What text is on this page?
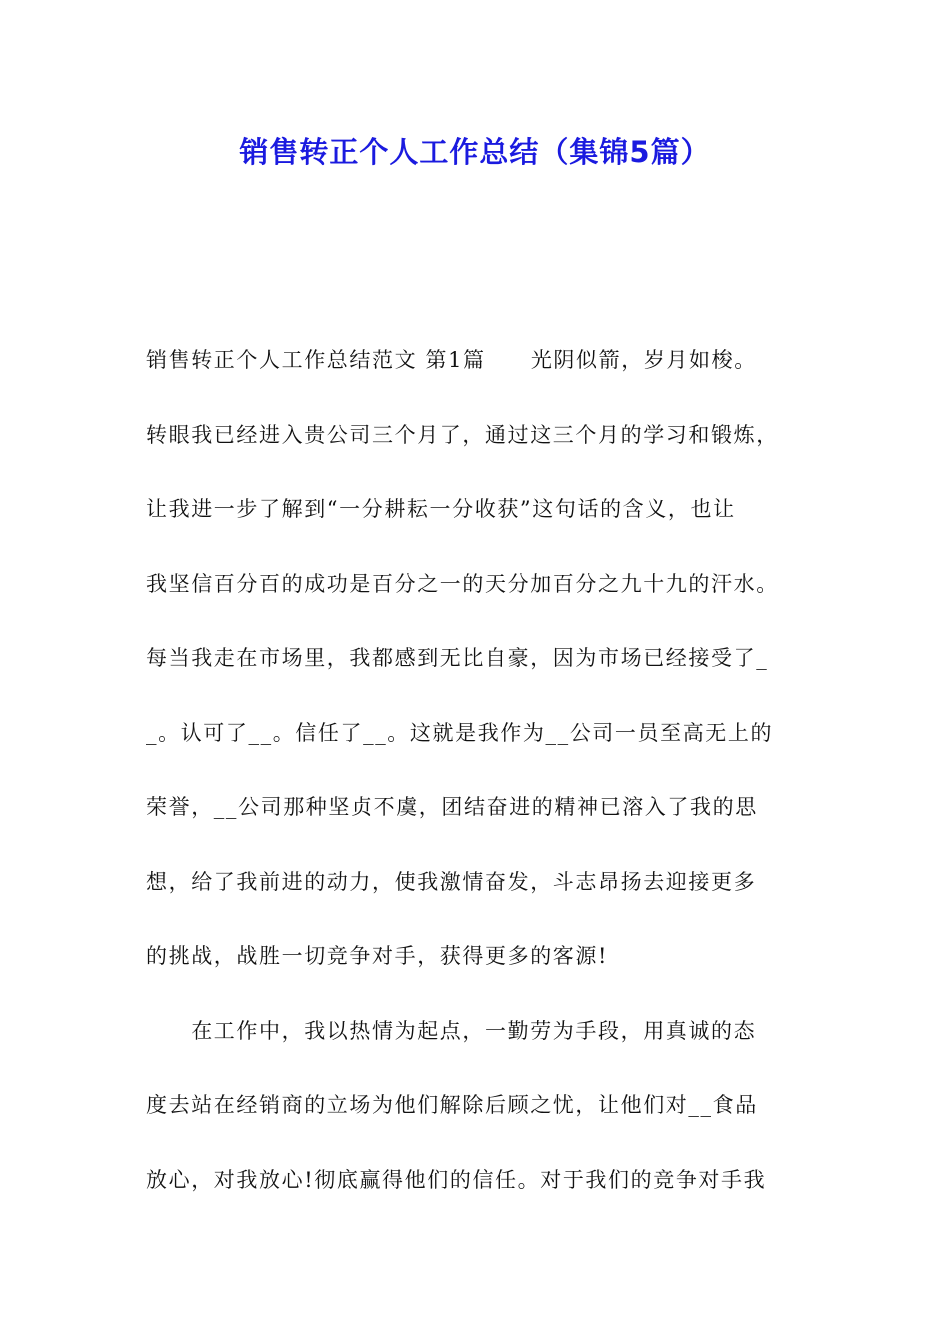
销售转正个人工作总结（集锦5篇）

销售转正个人工作总结范文 第1篇　　光阴似箭，岁月如梭。

转眼我已经进入贵公司三个月了，通过这三个月的学习和锻炼，

让我进一步了解到“一分耕耘一分收获”这句话的含义，也让

我坚信百分百的成功是百分之一的天分加百分之九十九的汗水。

每当我走在市场里，我都感到无比自豪，因为市场已经接受了_

_。认可了__。信任了__。这就是我作为__公司一员至高无上的

荣誉，__公司那种坚贞不虞，团结奋进的精神已溶入了我的思

想，给了我前进的动力，使我激情奋发，斗志昂扬去迎接更多

的挑战，战胜一切竞争对手，获得更多的客源!

　　在工作中，我以热情为起点，一勤劳为手段，用真诚的态

度去站在经销商的立场为他们解除后顾之忧，让他们对__食品

放心，对我放心!彻底赢得他们的信任。对于我们的竞争对手我
